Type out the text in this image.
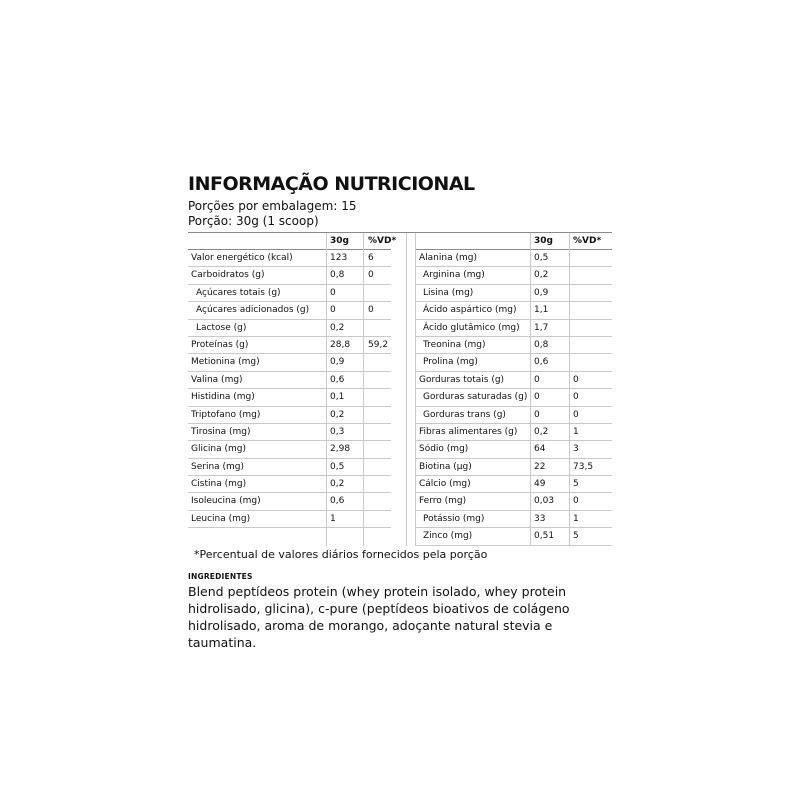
INFORMAÇÃO NUTRICIONAL
Porções por embalagem: 15
Porção: 30g (1 scoop)
30g %VD*
Valor energético (kcal)	123 6
Carboidratos (g)	0,8	0
Açúcares totais (g)	0
Açúcares adicionados (g) 0	0
Lactose (g)	0,2
Proteínas (g)	28,8 59,2
Metionina (mg)	0,9
Valina (mg)	0,6
Histidina (mg)	0,1
Triptofano (mg)	0,2
Tirosina (mg)	0,3
Glicina (mg)	2,98
Serina (mg)	0,5
Cistina (mg)	0,2
Isoleucina (mg)	0,6
Leucina (mg)	1
30g %VD*
Alanina (mg)	0,5
Arginina (mg)	0,2
Lisina (mg)	0,9
Ácido aspártico (mg) 1,1
Ácido glutâmico (mg) 1,7
Treonina (mg)	0,8
Prolina (mg)	0,6
Gorduras totais (g)	0	0
Gorduras saturadas (g) 0	0
Gorduras trans (g)	0	0
Fibras alimentares (g) 0,2	1
Sódio (mg)	64	3
Biotina (µg)	22	73,5
Cálcio (mg)	49	5
Ferro (mg)	0,03 0
Potássio (mg)	33	1
Zinco (mg)	0,51 5
*Percentual de valores diários fornecidos pela porção
INGREDIENTES
Blend peptídeos protein (whey protein isolado, whey protein hidrolisado, glicina), c-pure (peptídeos bioativos de colágeno hidrolisado, aroma de morango, adoçante natural stevia e taumatina.
